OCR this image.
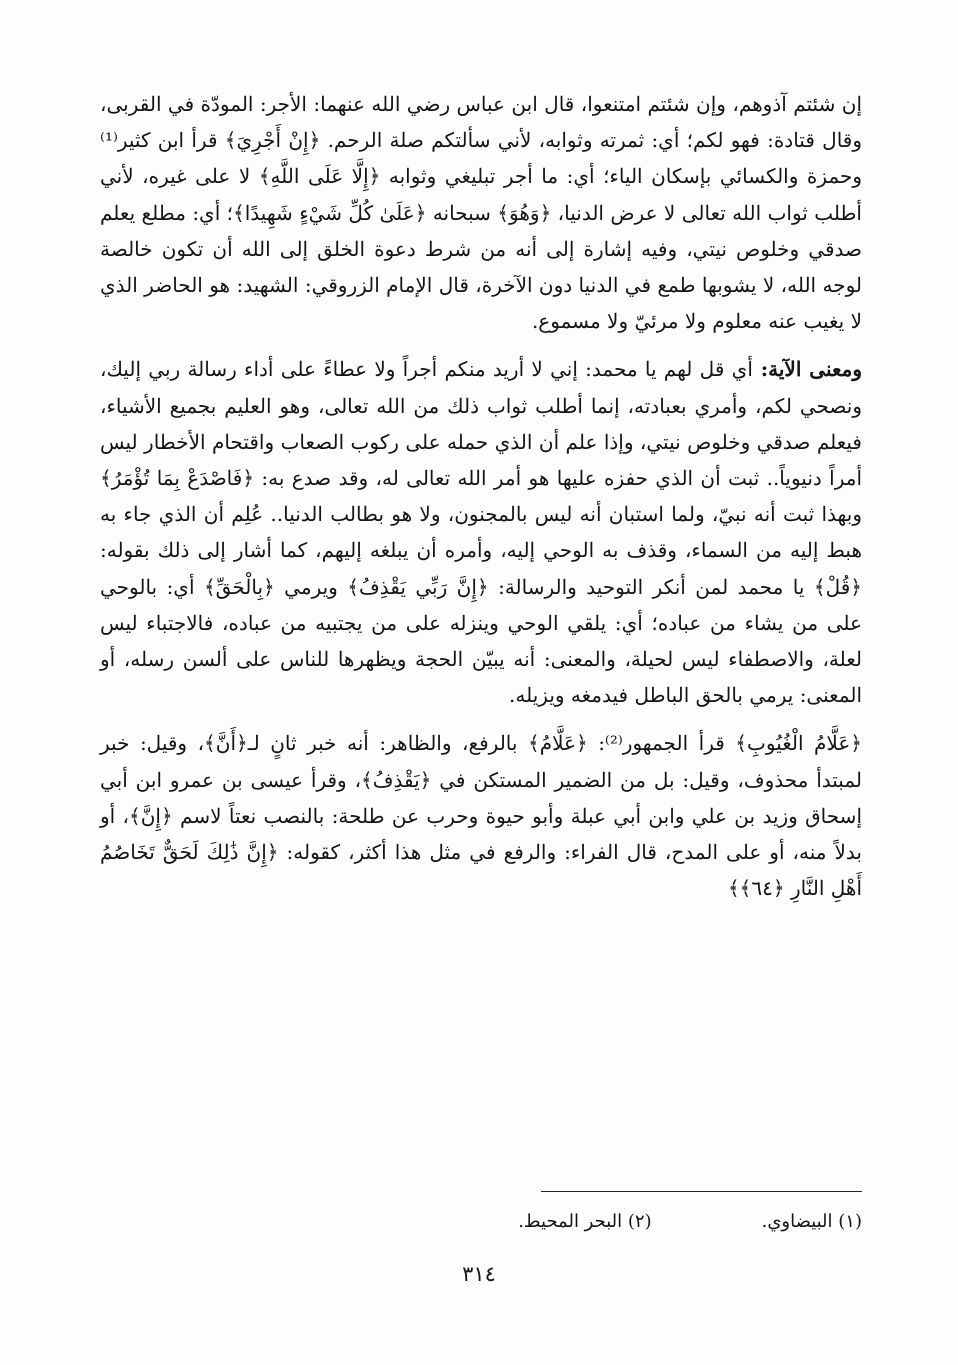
إن شئتم آذوهم، وإن شئتم امتنعوا، قال ابن عباس رضي الله عنهما: الأجر: المودّة في القربى، وقال قتادة: فهو لكم؛ أي: ثمرته وثوابه، لأني سألتكم صلة الرحم. ﴿إِنْ أَجْرِيَ﴾ قرأ ابن كثير⁽¹⁾ وحمزة والكسائي بإسكان الياء؛ أي: ما أجر تبليغي وثوابه ﴿إِلَّا عَلَى اللَّهِ﴾ لا على غيره، لأني أطلب ثواب الله تعالى لا عرض الدنيا، ﴿وَهُوَ﴾ سبحانه ﴿عَلَىٰ كُلِّ شَيْءٍ شَهِيدًا﴾؛ أي: مطلع يعلم صدقي وخلوص نيتي، وفيه إشارة إلى أنه من شرط دعوة الخلق إلى الله أن تكون خالصة لوجه الله، لا يشوبها طمع في الدنيا دون الآخرة، قال الإمام الزروقي: الشهيد: هو الحاضر الذي لا يغيب عنه معلوم ولا مرئيّ ولا مسموع.

ومعنى الآية: أي قل لهم يا محمد: إني لا أريد منكم أجراً ولا عطاءً على أداء رسالة ربي إليك، ونصحي لكم، وأمري بعبادته، إنما أطلب ثواب ذلك من الله تعالى، وهو العليم بجميع الأشياء، فيعلم صدقي وخلوص نيتي، وإذا علم أن الذي حمله على ركوب الصعاب واقتحام الأخطار ليس أمراً دنيوياً.. ثبت أن الذي حفزه عليها هو أمر الله تعالى له، وقد صدع به: ﴿فَاصْدَعْ بِمَا تُؤْمَرُ﴾ وبهذا ثبت أنه نبيّ، ولما استبان أنه ليس بالمجنون، ولا هو بطالب الدنيا.. عُلِم أن الذي جاء به هبط إليه من السماء، وقذف به الوحي إليه، وأمره أن يبلغه إليهم، كما أشار إلى ذلك بقوله: ﴿قُلْ﴾ يا محمد لمن أنكر التوحيد والرسالة: ﴿إِنَّ رَبِّي يَقْذِفُ﴾ ويرمي ﴿بِالْحَقِّ﴾ أي: بالوحي على من يشاء من عباده؛ أي: يلقي الوحي وينزله على من يجتبيه من عباده، فالاجتباء ليس لعلة، والاصطفاء ليس لحيلة، والمعنى: أنه يبيّن الحجة ويظهرها للناس على ألسن رسله، أو المعنى: يرمي بالحق الباطل فيدمغه ويزيله.

﴿عَلَّامُ الْغُيُوبِ﴾ قرأ الجمهور⁽²⁾: ﴿عَلَّامُ﴾ بالرفع، والظاهر: أنه خبر ثانٍ لـ﴿أَنَّ﴾، وقيل: خبر لمبتدأ محذوف، وقيل: بل من الضمير المستكن في ﴿يَقْذِفُ﴾، وقرأ عيسى بن عمرو ابن أبي إسحاق وزيد بن علي وابن أبي عبلة وأبو حيوة وحرب عن طلحة: بالنصب نعتاً لاسم ﴿إِنَّ﴾، أو بدلاً منه، أو على المدح، قال الفراء: والرفع في مثل هذا أكثر، كقوله: ﴿إِنَّ ذَٰلِكَ لَحَقٌّ تَخَاصُمُ أَهْلِ النَّارِ ﴿٦٤﴾﴾

(١) البيضاوي.(٢) البحر المحيط.
٣١٤
